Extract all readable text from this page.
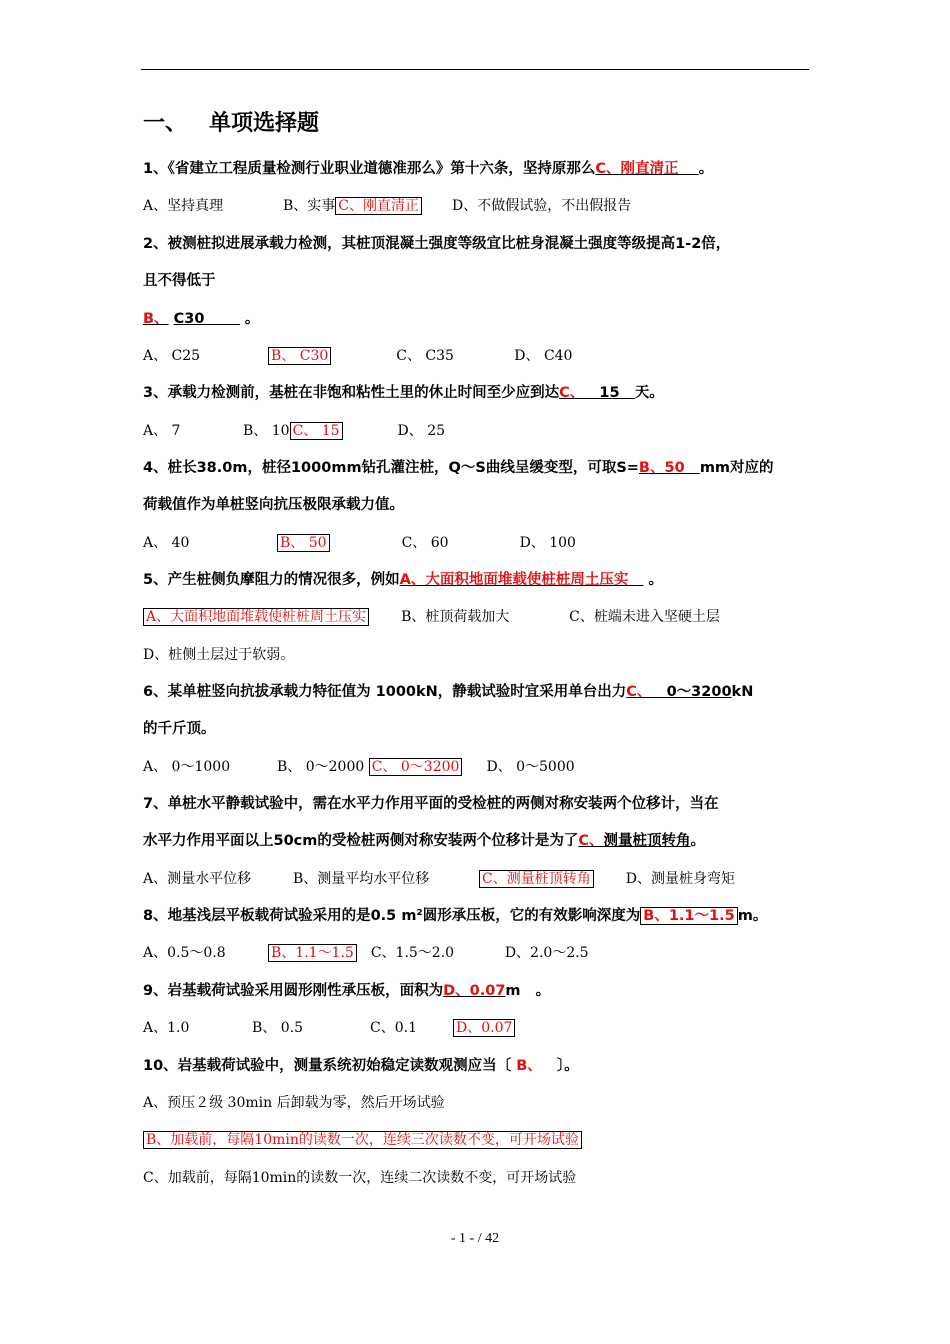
一、 单项选择题
1、《省建立工程质量检测行业职业道德准那么》第十六条，坚持原那么C、刚直清正 。
A、坚持真理	B、实事 C、刚直清正 D、不做假试验，不出假报告
2、被测桩拟进展承载力检测，其桩顶混凝土强度等级宜比桩身混凝土强度等级提高1-2倍，
且不得低于
B、 C30	。
A、 C25	B、 C30	C、 C35	D、 C40
3、承载力检测前，基桩在非饱和粘性土里的休止时间至少应到达C、 15 天。
A、 7	B、 10 C、 15	D、 25
4、桩长38.0m，桩径1000mm钻孔灌注桩，Q～S曲线呈缓变型，可取S=B、50 mm对应的
荷载值作为单桩竖向抗压极限承载力值。
A、 40	B、 50	C、 60	D、 100
5、产生桩侧负摩阻力的情况很多，例如A、大面积地面堆载使桩桩周土压实 。
A、大面积地面堆载使桩桩周土压实	B、桩顶荷载加大	C、桩端未进入坚硬土层
D、桩侧土层过于软弱。
6、某单桩竖向抗拔承载力特征值为 1000kN，静载试验时宜采用单台出力C、 0～3200kN
的千斤顶。
A、 0～1000	B、 0～2000 C、 0～3200 D、 0～5000
7、单桩水平静载试验中，需在水平力作用平面的受检桩的两侧对称安装两个位移计，当在
水平力作用平面以上50cm的受检桩两侧对称安装两个位移计是为了C、测量桩顶转角。
A、测量水平位移	B、测量平均水平位移	C、测量桩顶转角	D、测量桩身弯矩
8、地基浅层平板载荷试验采用的是0.5 m²圆形承压板，它的有效影响深度为 B、1.1～1.5 m。
A、0.5～0.8	B、1.1～1.5 C、1.5～2.0	D、2.0～2.5
9、岩基载荷试验采用圆形刚性承压板，面积为D、0.07m 。
A、1.0	B、 0.5	C、0.1	D、0.07
10、岩基载荷试验中，测量系统初始稳定读数观测应当〔 B、 〕。
A、预压２级 30min 后卸载为零，然后开场试验
B、加载前，每隔10min的读数一次，连续三次读数不变，可开场试验
C、加载前，每隔10min的读数一次，连续二次读数不变，可开场试验
- 1 - / 42
